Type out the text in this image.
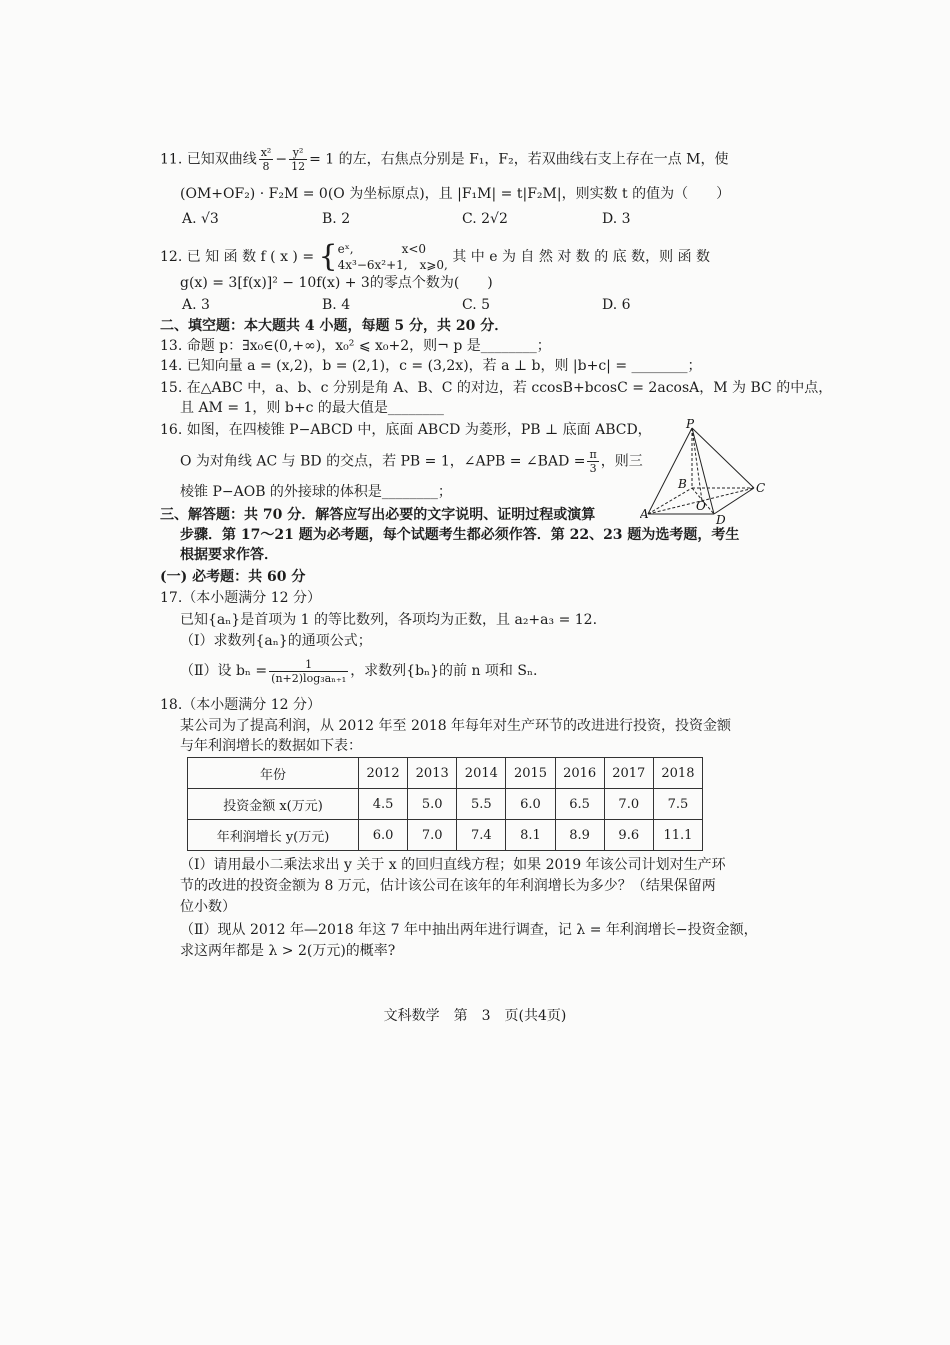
11. 已知双曲线 $\frac{\text{x²}}{8} - \frac{\text{y²}}{12} = 1$ 的左，右焦点分别是 F₁，F₂，若双曲线右支上存在一点 M，使
(OM+OF₂) · F₂M = 0(O 为坐标原点)，且 |F₁M| = t|F₂M|，则实数 t 的值为（　　）
A. √3	B. 2	C. 2√2	D. 3
12. 已 知 函 数 f ( x ) = { eˣ,　　　　x<0
4x³−6x²+1,　x⩾0, 其 中 e 为 自 然 对 数 的 底 数，则 函 数
g(x) = 3[f(x)]² − 10f(x) + 3的零点个数为(　　)
A. 3	B. 4	C. 5	D. 6
二、填空题：本大题共 4 小题，每题 5 分，共 20 分．
13. 命题 p：∃x₀∈(0,+∞)，x₀² ⩽ x₀+2，则¬ p 是________；
14. 已知向量 a = (x,2)，b = (2,1)，c = (3,2x)，若 a ⊥ b，则 |b+c| = ________；
15. 在△ABC 中，a、b、c 分别是角 A、B、C 的对边，若 ccosB+bcosC = 2acosA，M 为 BC 的中点，
且 AM = 1，则 b+c 的最大值是________
16. 如图，在四棱锥 P−ABCD 中，底面 ABCD 为菱形，PB ⊥ 底面 ABCD，
O 为对角线 AC 与 BD 的交点，若 PB = 1，∠APB = ∠BAD = $\frac{\pi}{3}$ ，则三
棱锥 P−AOB 的外接球的体积是________；
P
B	C
A
O
D
三、解答题：共 70 分．解答应写出必要的文字说明、证明过程或演算
步骤．第 17～21 题为必考题，每个试题考生都必须作答．第 22、23 题为选考题，考生
根据要求作答．
(一) 必考题：共 60 分
17.（本小题满分 12 分）
已知{aₙ}是首项为 1 的等比数列，各项均为正数，且 a₂+a₃ = 12.
（Ⅰ）求数列{aₙ}的通项公式；
（Ⅱ）设 $b_n = \frac{1}{\text{(n+2)log₃aₙ₊₁}}$ ，求数列{bₙ}的前 n 项和 Sₙ.
18.（本小题满分 12 分）
某公司为了提高利润，从 2012 年至 2018 年每年对生产环节的改进进行投资，投资金额
与年利润增长的数据如下表：
年份	2012	2013	2014	2015	2016	2017	2018
投资金额 x(万元)	4.5	5.0	5.5	6.0	6.5	7.0	7.5
年利润增长 y(万元)	6.0	7.0	7.4	8.1	8.9	9.6	11.1
（Ⅰ）请用最小二乘法求出 y 关于 x 的回归直线方程；如果 2019 年该公司计划对生产环
节的改进的投资金额为 8 万元，估计该公司在该年的年利润增长为多少？（结果保留两
位小数）
（Ⅱ）现从 2012 年—2018 年这 7 年中抽出两年进行调查，记 λ = 年利润增长−投资金额，
求这两年都是 λ > 2(万元)的概率?
文科数学　第　3　页(共4页)
